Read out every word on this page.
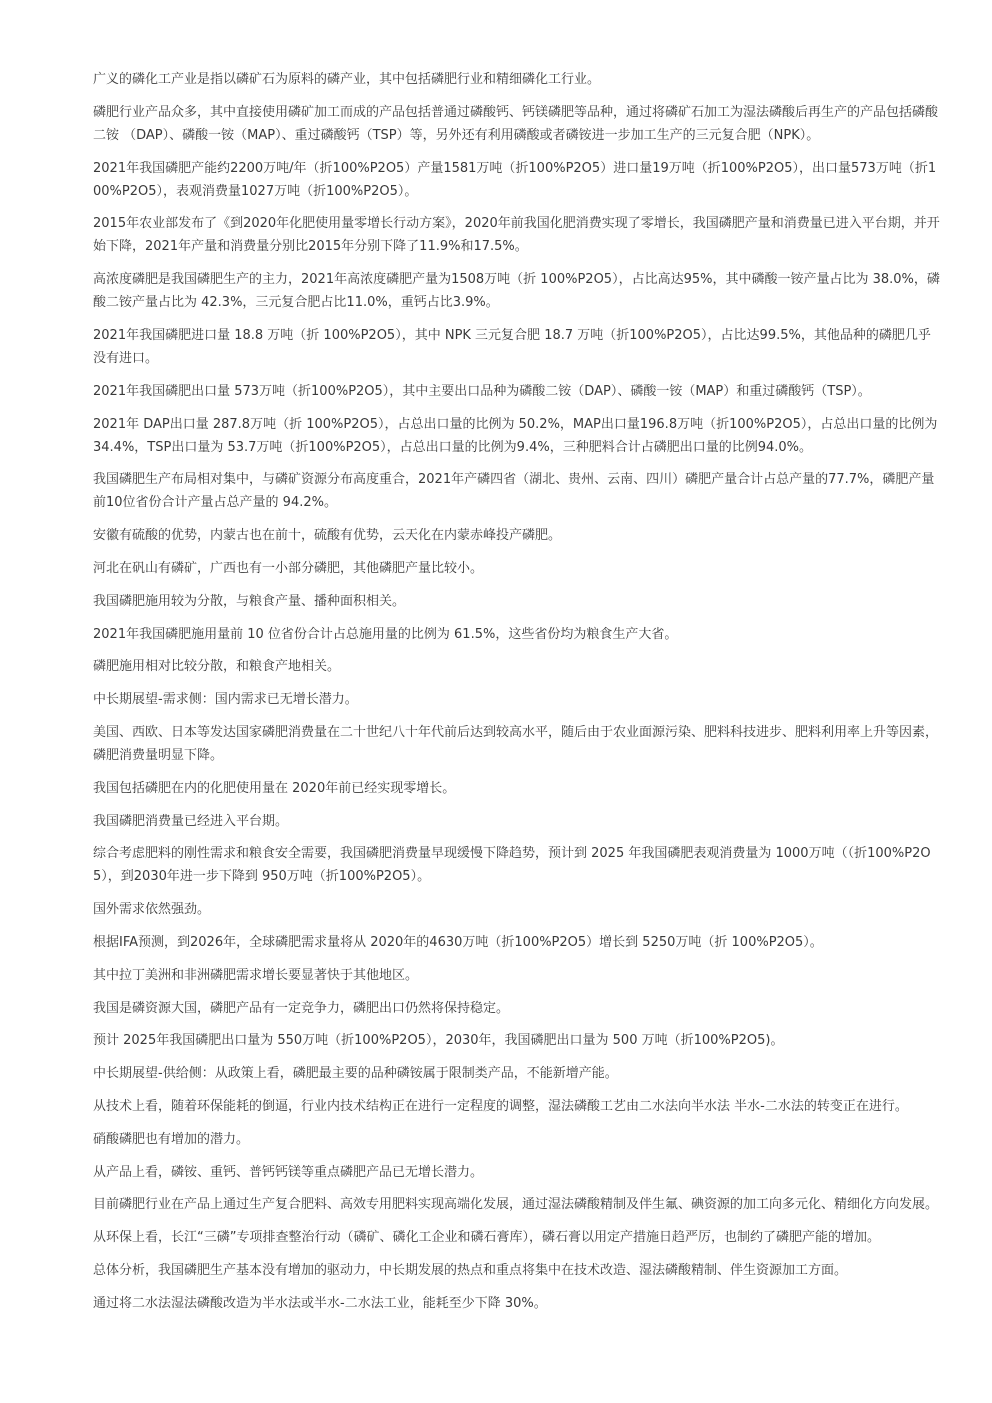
广义的磷化工产业是指以磷矿石为原料的磷产业，其中包括磷肥行业和精细磷化工行业。

磷肥行业产品众多，其中直接使用磷矿加工而成的产品包括普通过磷酸钙、钙镁磷肥等品种，通过将磷矿石加工为湿法磷酸后再生产的产品包括磷酸二铵 （DAP）、磷酸一铵（MAP）、重过磷酸钙（TSP）等，另外还有利用磷酸或者磷铵进一步加工生产的三元复合肥（NPK）。

2021年我国磷肥产能约2200万吨/年（折100%P2O5）产量1581万吨（折100%P2O5）进口量19万吨（折100%P2O5），出口量573万吨（折100%P2O5），表观消费量1027万吨（折100%P2O5）。

2015年农业部发布了《到2020年化肥使用量零增长行动方案》，2020年前我国化肥消费实现了零增长，我国磷肥产量和消费量已进入平台期，并开始下降，2021年产量和消费量分别比2015年分别下降了11.9%和17.5%。

高浓度磷肥是我国磷肥生产的主力，2021年高浓度磷肥产量为1508万吨（折 100%P2O5），占比高达95%，其中磷酸一铵产量占比为 38.0%，磷酸二铵产量占比为 42.3%，三元复合肥占比11.0%，重钙占比3.9%。

2021年我国磷肥进口量 18.8 万吨（折 100%P2O5），其中 NPK 三元复合肥 18.7 万吨（折100%P2O5），占比达99.5%，其他品种的磷肥几乎没有进口。

2021年我国磷肥出口量 573万吨（折100%P2O5），其中主要出口品种为磷酸二铵（DAP）、磷酸一铵（MAP）和重过磷酸钙（TSP）。

2021年 DAP出口量 287.8万吨（折 100%P2O5），占总出口量的比例为 50.2%，MAP出口量196.8万吨（折100%P2O5），占总出口量的比例为 34.4%，TSP出口量为 53.7万吨（折100%P2O5），占总出口量的比例为9.4%，三种肥料合计占磷肥出口量的比例94.0%。

我国磷肥生产布局相对集中，与磷矿资源分布高度重合，2021年产磷四省（湖北、贵州、云南、四川）磷肥产量合计占总产量的77.7%，磷肥产量前10位省份合计产量占总产量的 94.2%。

安徽有硫酸的优势，内蒙古也在前十，硫酸有优势，云天化在内蒙赤峰投产磷肥。

河北在矾山有磷矿，广西也有一小部分磷肥，其他磷肥产量比较小。

我国磷肥施用较为分散，与粮食产量、播种面积相关。

2021年我国磷肥施用量前 10 位省份合计占总施用量的比例为 61.5%，这些省份均为粮食生产大省。

磷肥施用相对比较分散，和粮食产地相关。

中长期展望-需求侧：国内需求已无增长潜力。

美国、西欧、日本等发达国家磷肥消费量在二十世纪八十年代前后达到较高水平，随后由于农业面源污染、肥料科技进步、肥料利用率上升等因素，磷肥消费量明显下降。

我国包括磷肥在内的化肥使用量在 2020年前已经实现零增长。

我国磷肥消费量已经进入平台期。

综合考虑肥料的刚性需求和粮食安全需要，我国磷肥消费量早现缓慢下降趋势，预计到 2025 年我国磷肥表观消费量为 1000万吨（（折100%P2O5），到2030年进一步下降到 950万吨（折100%P2O5）。

国外需求依然强劲。

根据IFA预测，到2026年，全球磷肥需求量将从 2020年的4630万吨（折100%P2O5）增长到 5250万吨（折 100%P2O5）。

其中拉丁美洲和非洲磷肥需求增长要显著快于其他地区。

我国是磷资源大国，磷肥产品有一定竞争力，磷肥出口仍然将保持稳定。

预计 2025年我国磷肥出口量为 550万吨（折100%P2O5），2030年，我国磷肥出口量为 500 万吨（折100%P2O5)。

中长期展望-供给侧：从政策上看，磷肥最主要的品种磷铵属于限制类产品，不能新增产能。

从技术上看，随着环保能耗的倒逼，行业内技术结构正在进行一定程度的调整，湿法磷酸工艺由二水法向半水法 半水-二水法的转变正在进行。

硝酸磷肥也有增加的潜力。

从产品上看，磷铵、重钙、普钙钙镁等重点磷肥产品已无增长潜力。

目前磷肥行业在产品上通过生产复合肥料、高效专用肥料实现高端化发展，通过湿法磷酸精制及伴生氟、碘资源的加工向多元化、精细化方向发展。

从环保上看，长江“三磷”专项排查整治行动（磷矿、磷化工企业和磷石膏库），磷石膏以用定产措施日趋严厉，也制约了磷肥产能的增加。

总体分析，我国磷肥生产基本没有增加的驱动力，中长期发展的热点和重点将集中在技术改造、湿法磷酸精制、伴生资源加工方面。

通过将二水法湿法磷酸改造为半水法或半水-二水法工业，能耗至少下降 30%。
